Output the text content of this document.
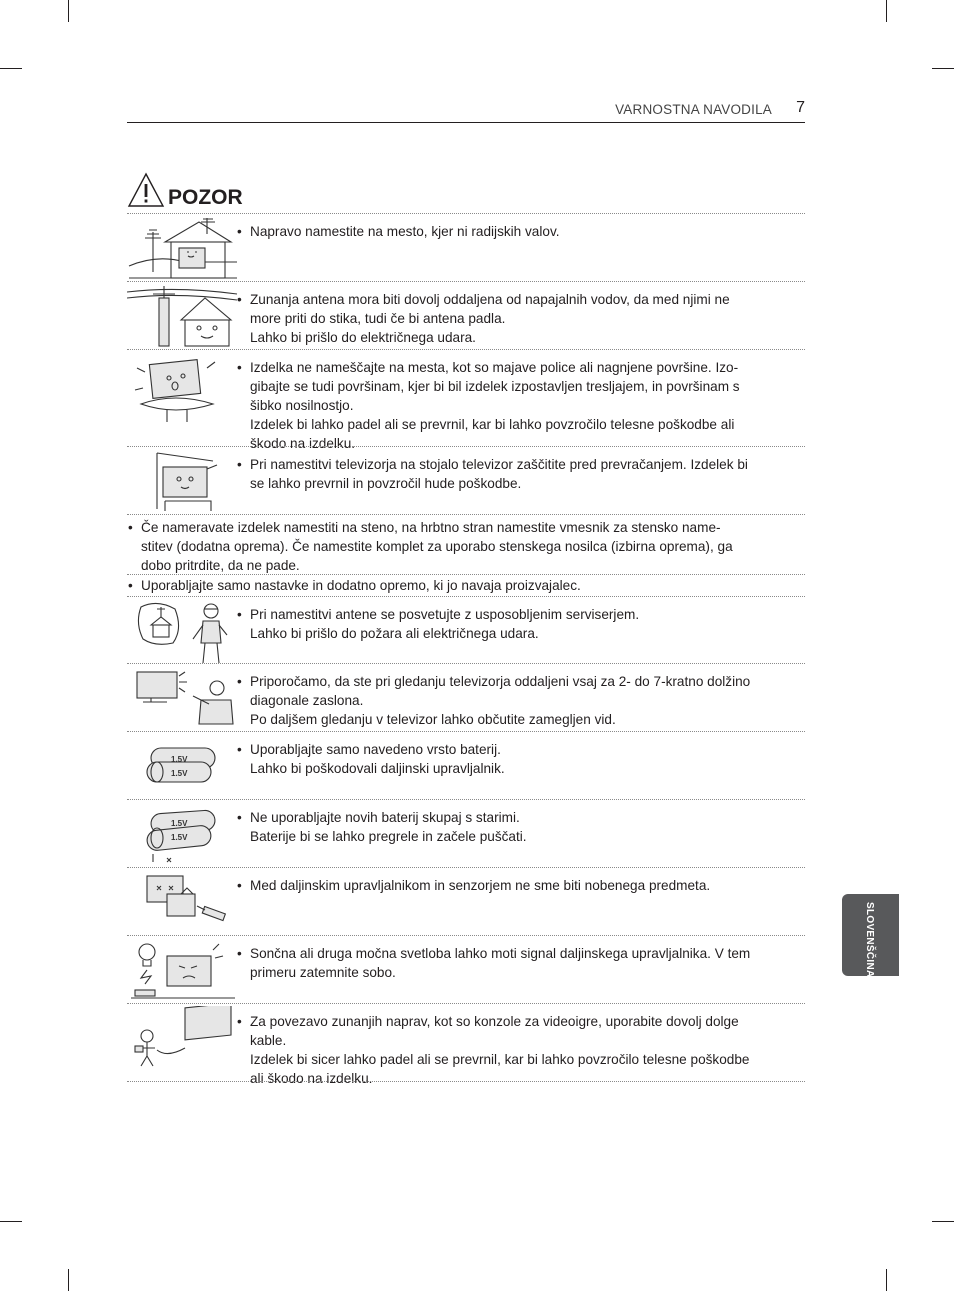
VARNOSTNA NAVODILA 7
POZOR
• Napravo namestite na mesto, kjer ni radijskih valov.
• Zunanja antena mora biti dovolj oddaljena od napajalnih vodov, da med njimi ne
more priti do stika, tudi če bi antena padla.
Lahko bi prišlo do električnega udara.
• Izdelka ne nameščajte na mesta, kot so majave police ali nagnjene površine. Izo-
gibajte se tudi površinam, kjer bi bil izdelek izpostavljen tresljajem, in površinam s
šibko nosilnostjo.
Izdelek bi lahko padel ali se prevrnil, kar bi lahko povzročilo telesne poškodbe ali
škodo na izdelku.
• Pri namestitvi televizorja na stojalo televizor zaščitite pred prevračanjem. Izdelek bi
se lahko prevrnil in povzročil hude poškodbe.
• Če nameravate izdelek namestiti na steno, na hrbtno stran namestite vmesnik za stensko name-
stitev (dodatna oprema). Če namestite komplet za uporabo stenskega nosilca (izbirna oprema), ga
dobo pritrdite, da ne pade.
• Uporabljajte samo nastavke in dodatno opremo, ki jo navaja proizvajalec.
• Pri namestitvi antene se posvetujte z usposobljenim serviserjem.
Lahko bi prišlo do požara ali električnega udara.
• Priporočamo, da ste pri gledanju televizorja oddaljeni vsaj za 2- do 7-kratno dolžino
diagonale zaslona.
Po daljšem gledanju v televizor lahko občutite zamegljen vid.
1.5V
1.5V
• Uporabljajte samo navedeno vrsto baterij.
Lahko bi poškodovali daljinski upravljalnik.
1.5V
1.5V
• Ne uporabljajte novih baterij skupaj s starimi.
Baterije bi se lahko pregrele in začele puščati.
• Med daljinskim upravljalnikom in senzorjem ne sme biti nobenega predmeta.
• Sončna ali druga močna svetloba lahko moti signal daljinskega upravljalnika. V tem
primeru zatemnite sobo.
• Za povezavo zunanjih naprav, kot so konzole za videoigre, uporabite dovolj dolge
kable.
Izdelek bi sicer lahko padel ali se prevrnil, kar bi lahko povzročilo telesne poškodbe
ali škodo na izdelku.
SLOVENŠČINA
